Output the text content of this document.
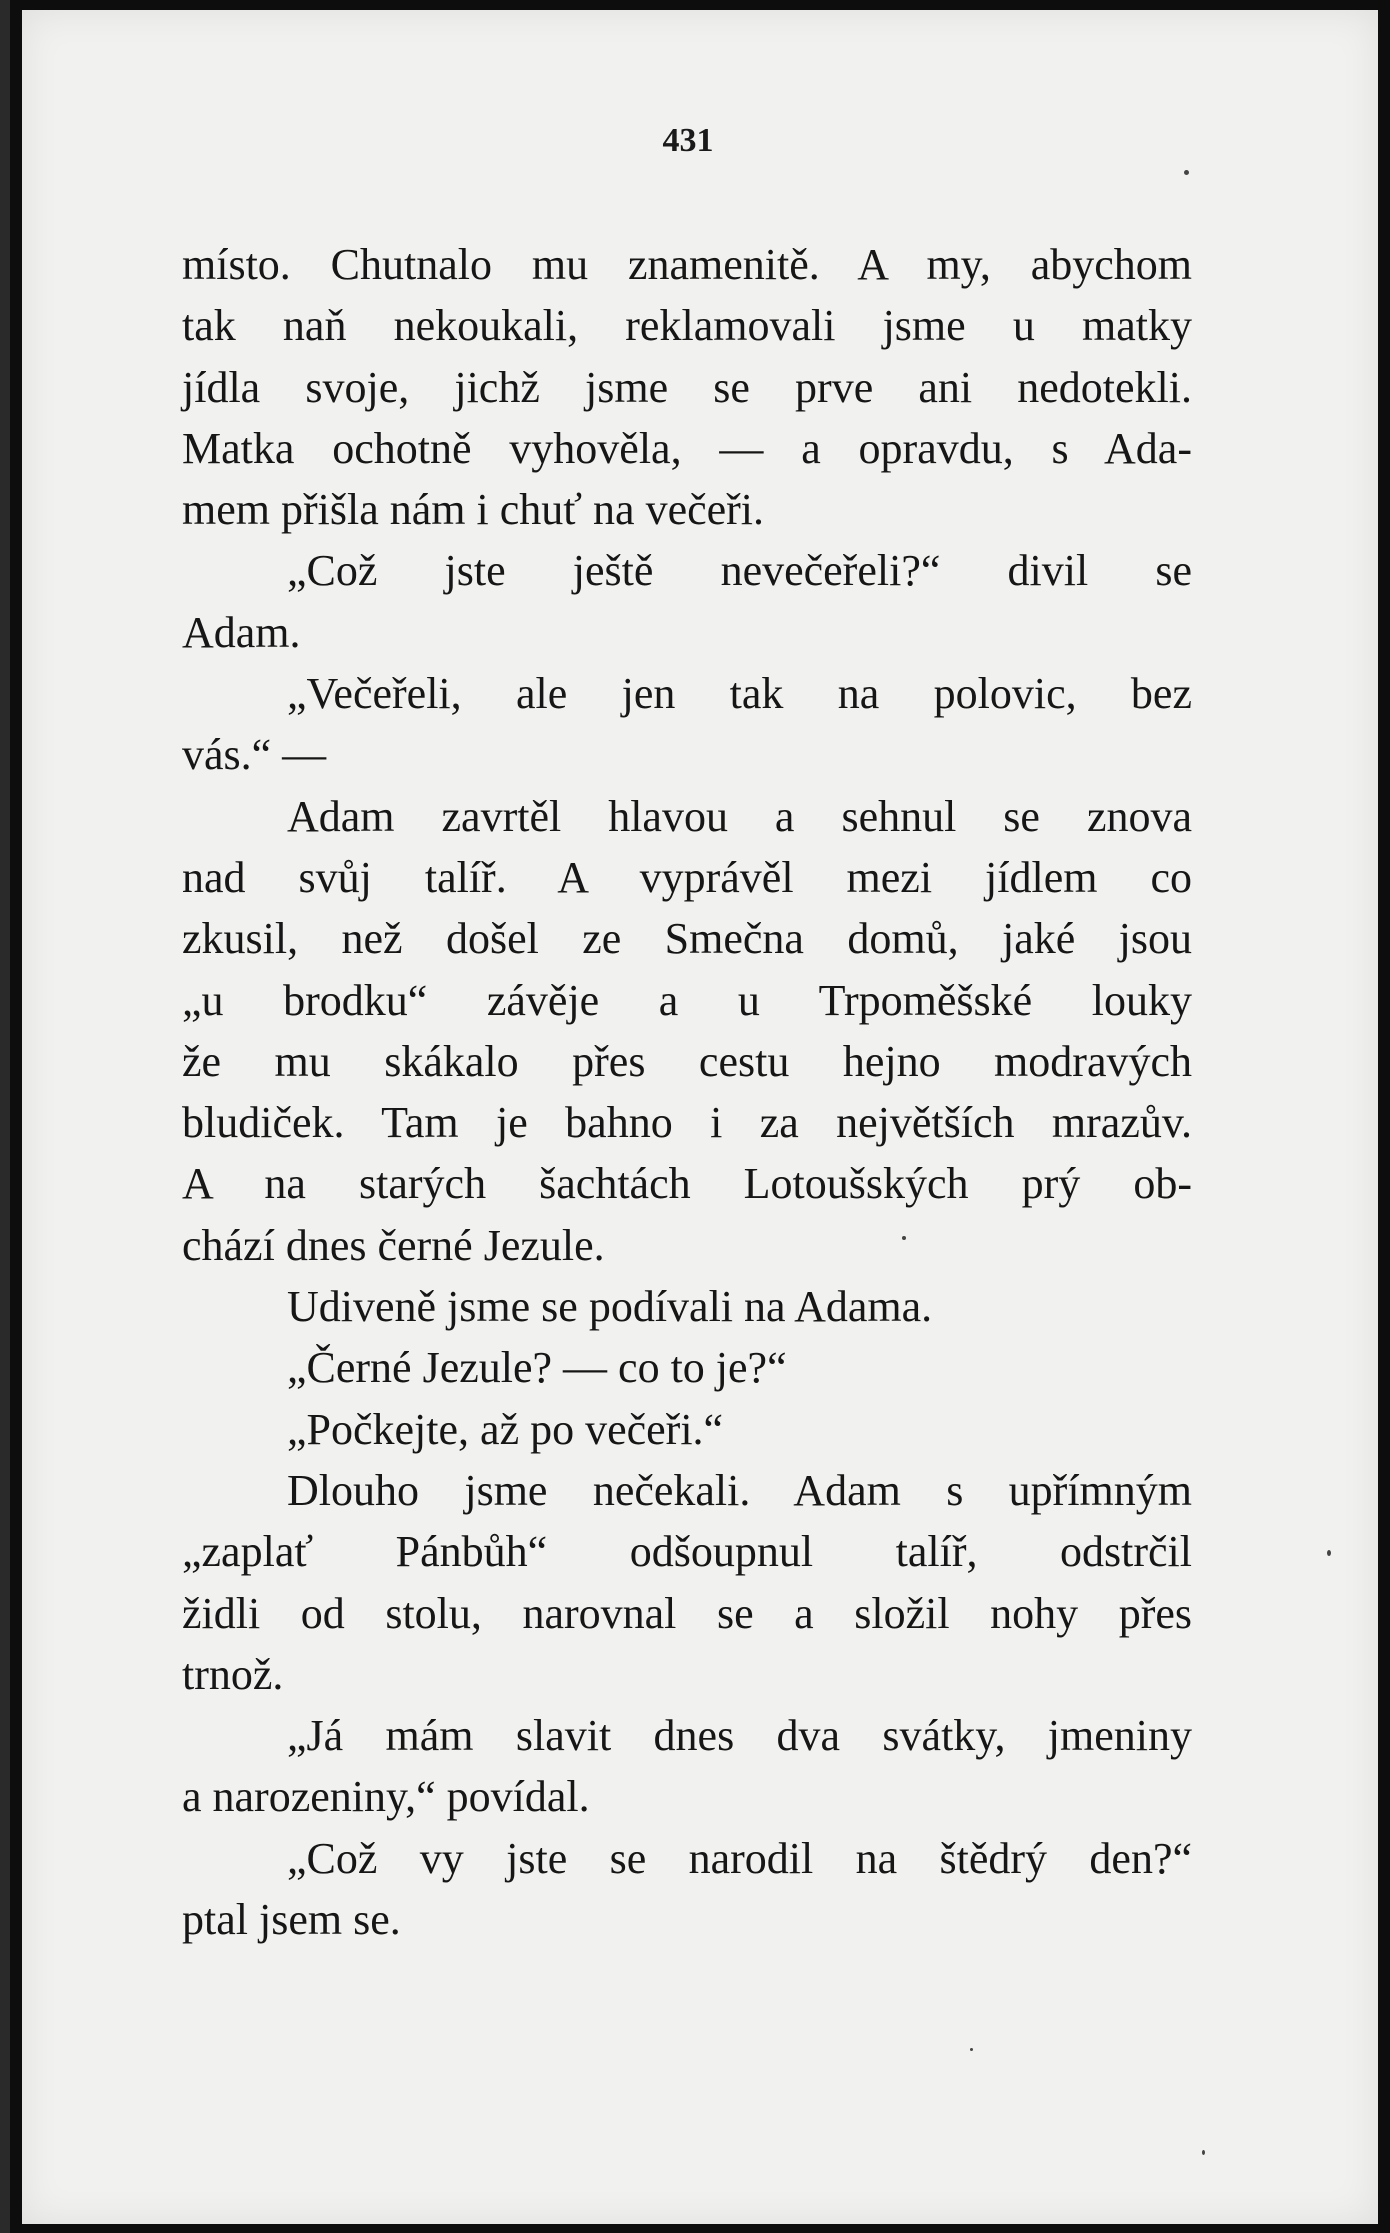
431
místo. Chutnalo mu znamenitě. A my, abychom
tak naň nekoukali, reklamovali jsme u matky
jídla svoje, jichž jsme se prve ani nedotekli.
Matka ochotně vyhověla, — a opravdu, s Ada-
mem přišla nám i chuť na večeři.
„Což jste ještě nevečeřeli?“ divil se
Adam.
„Večeřeli, ale jen tak na polovic, bez
vás.“ —
Adam zavrtěl hlavou a sehnul se znova
nad svůj talíř. A vyprávěl mezi jídlem co
zkusil, než došel ze Smečna domů, jaké jsou
„u brodku“ závěje a u Trpoměšské louky
že mu skákalo přes cestu hejno modravých
bludiček. Tam je bahno i za největších mrazův.
A na starých šachtách Lotoušských prý ob-
chází dnes černé Jezule.
Udiveně jsme se podívali na Adama.
„Černé Jezule? — co to je?“
„Počkejte, až po večeři.“
Dlouho jsme nečekali. Adam s upřímným
„zaplať Pánbůh“ odšoupnul talíř, odstrčil
židli od stolu, narovnal se a složil nohy přes
trnož.
„Já mám slavit dnes dva svátky, jmeniny
a narozeniny,“ povídal.
„Což vy jste se narodil na štědrý den?“
ptal jsem se.
